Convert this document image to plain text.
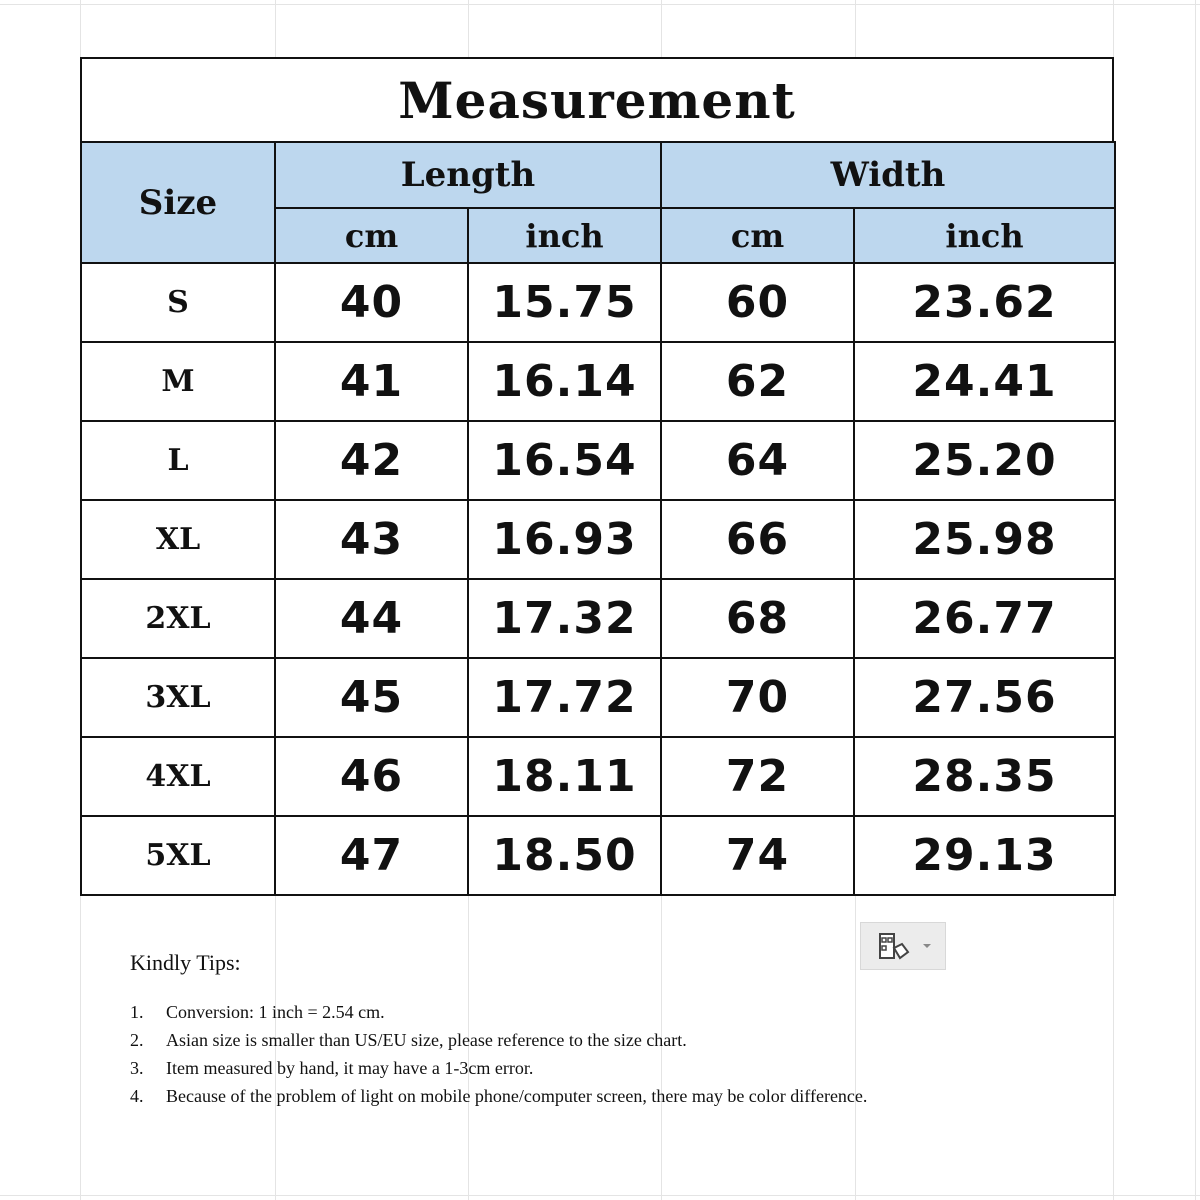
Measurement
Size	Length		Width	
	cm	inch	cm	inch
S	40	15.75	60	23.62
M	41	16.14	62	24.41
L	42	16.54	64	25.20
XL	43	16.93	66	25.98
2XL	44	17.32	68	26.77
3XL	45	17.72	70	27.56
4XL	46	18.11	72	28.35
5XL	47	18.50	74	29.13
Kindly Tips:
1.	Conversion: 1 inch = 2.54 cm.
2.	Asian size is smaller than US/EU size, please reference to the size chart.
3.	Item measured by hand, it may have a 1-3cm error.
4.	Because of the problem of light on mobile phone/computer screen, there may be color difference.
